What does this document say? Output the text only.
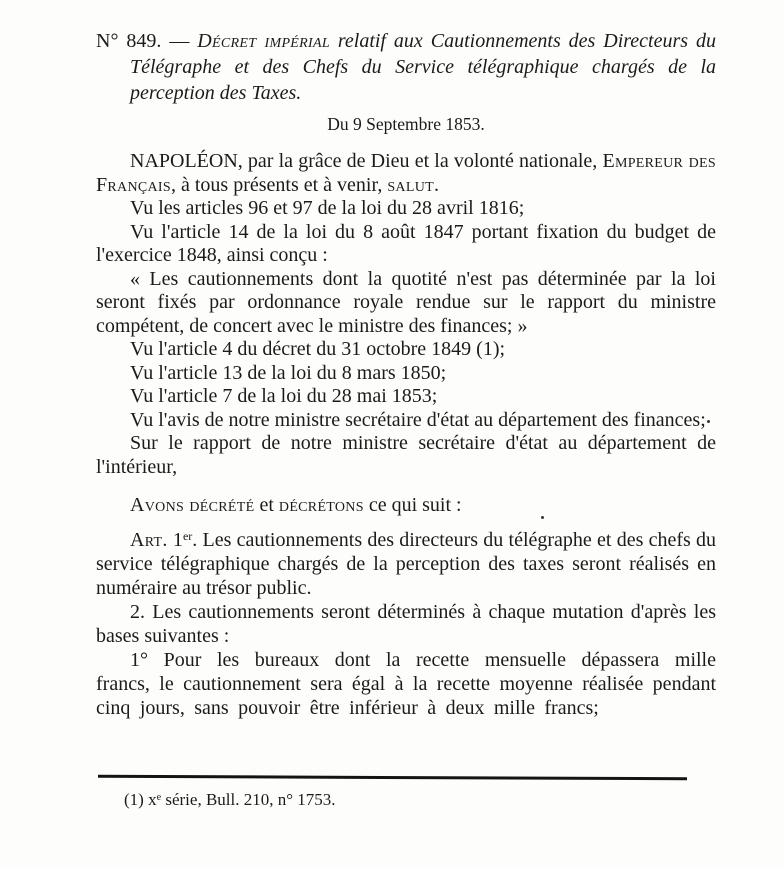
N° 849. — Décret impérial relatif aux Cautionnements des Directeurs du Télégraphe et des Chefs du Service télégraphique chargés de la perception des Taxes.

Du 9 Septembre 1853.

NAPOLÉON, par la grâce de Dieu et la volonté nationale, Empereur des Français, à tous présents et à venir, salut.

Vu les articles 96 et 97 de la loi du 28 avril 1816;

Vu l'article 14 de la loi du 8 août 1847 portant fixation du budget de l'exercice 1848, ainsi conçu :

« Les cautionnements dont la quotité n'est pas déterminée par la loi seront fixés par ordonnance royale rendue sur le rapport du ministre compétent, de concert avec le ministre des finances; »

Vu l'article 4 du décret du 31 octobre 1849 (1);

Vu l'article 13 de la loi du 8 mars 1850;

Vu l'article 7 de la loi du 28 mai 1853;

Vu l'avis de notre ministre secrétaire d'état au département des finances;

Sur le rapport de notre ministre secrétaire d'état au département de l'intérieur,

Avons décrété et décrétons ce qui suit :

Art. 1er. Les cautionnements des directeurs du télégraphe et des chefs du service télégraphique chargés de la perception des taxes seront réalisés en numéraire au trésor public.

2. Les cautionnements seront déterminés à chaque mutation d'après les bases suivantes :

1° Pour les bureaux dont la recette mensuelle dépassera mille francs, le cautionnement sera égal à la recette moyenne réalisée pendant cinq jours, sans pouvoir être inférieur à deux mille francs;

(1) $x^e$ série, Bull. 210, n° 1753.
